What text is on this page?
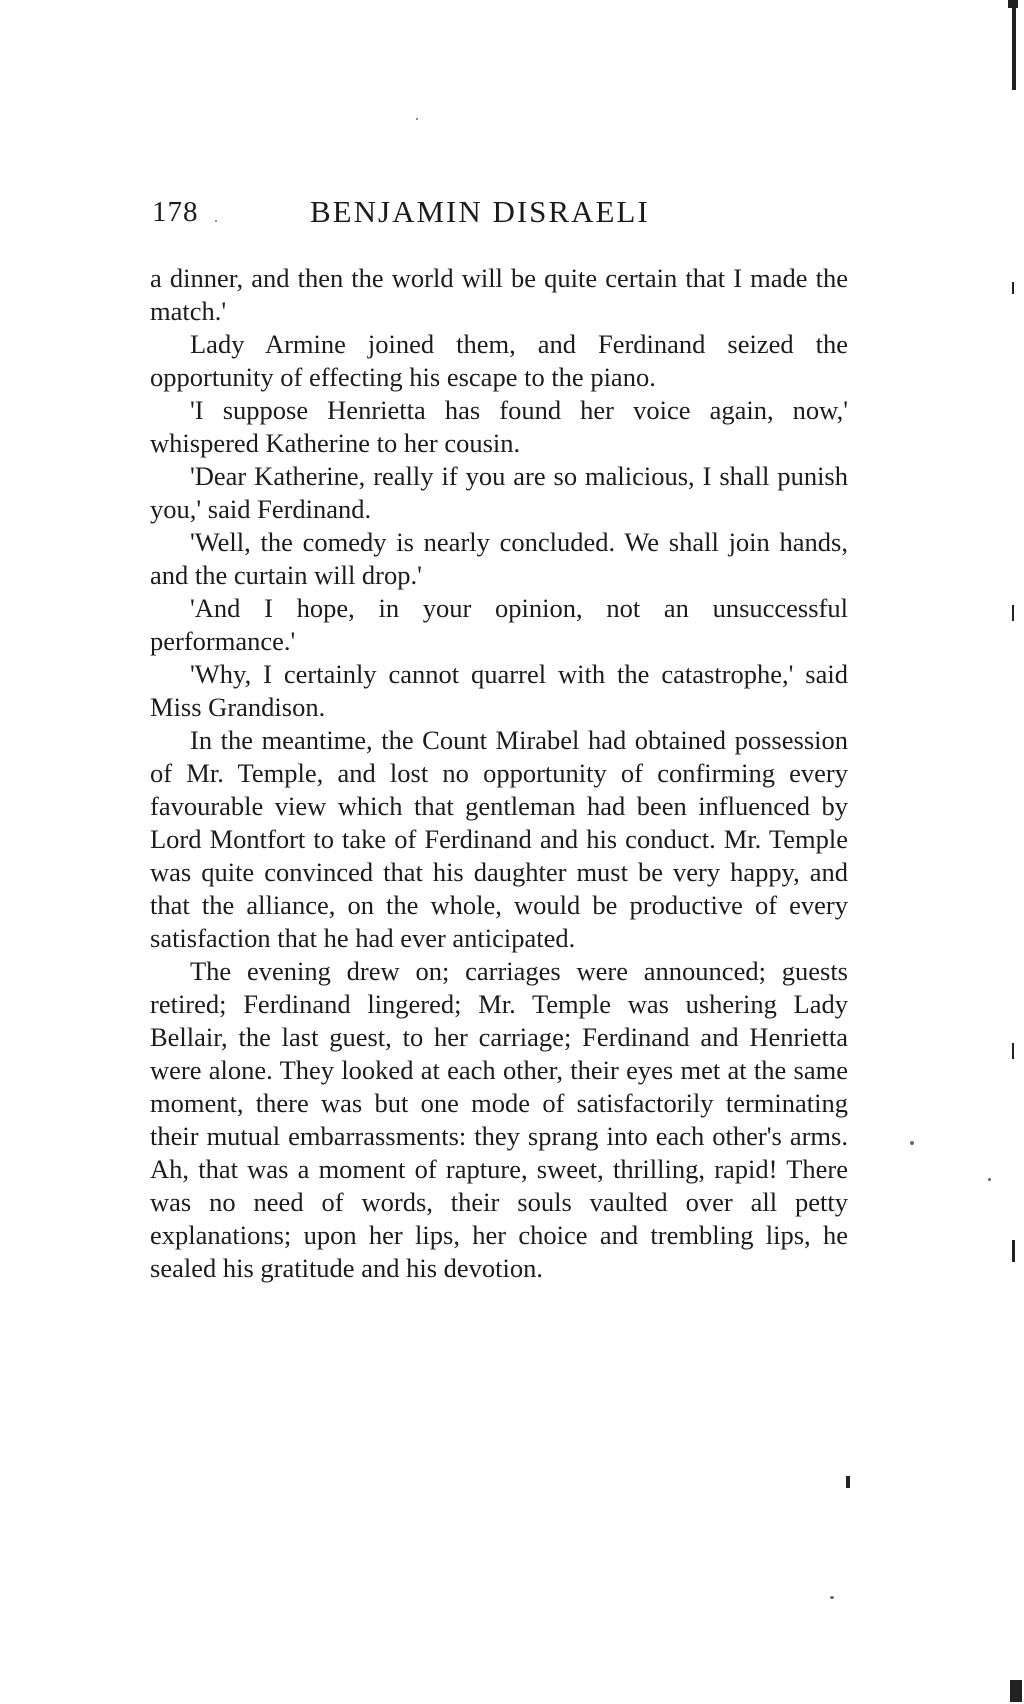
178	BENJAMIN DISRAELI

a dinner, and then the world will be quite certain that I made the match.'

Lady Armine joined them, and Ferdinand seized the opportunity of effecting his escape to the piano.

'I suppose Henrietta has found her voice again, now,' whispered Katherine to her cousin.

'Dear Katherine, really if you are so malicious, I shall punish you,' said Ferdinand.

'Well, the comedy is nearly concluded. We shall join hands, and the curtain will drop.'

'And I hope, in your opinion, not an unsuccessful performance.'

'Why, I certainly cannot quarrel with the catastrophe,' said Miss Grandison.

In the meantime, the Count Mirabel had obtained possession of Mr. Temple, and lost no opportunity of confirming every favourable view which that gentleman had been influenced by Lord Montfort to take of Ferdinand and his conduct. Mr. Temple was quite convinced that his daughter must be very happy, and that the alliance, on the whole, would be productive of every satisfaction that he had ever anticipated.

The evening drew on; carriages were announced; guests retired; Ferdinand lingered; Mr. Temple was ushering Lady Bellair, the last guest, to her carriage; Ferdinand and Henrietta were alone. They looked at each other, their eyes met at the same moment, there was but one mode of satisfactorily terminating their mutual embarrassments: they sprang into each other's arms. Ah, that was a moment of rapture, sweet, thrilling, rapid! There was no need of words, their souls vaulted over all petty explanations; upon her lips, her choice and trembling lips, he sealed his gratitude and his devotion.
